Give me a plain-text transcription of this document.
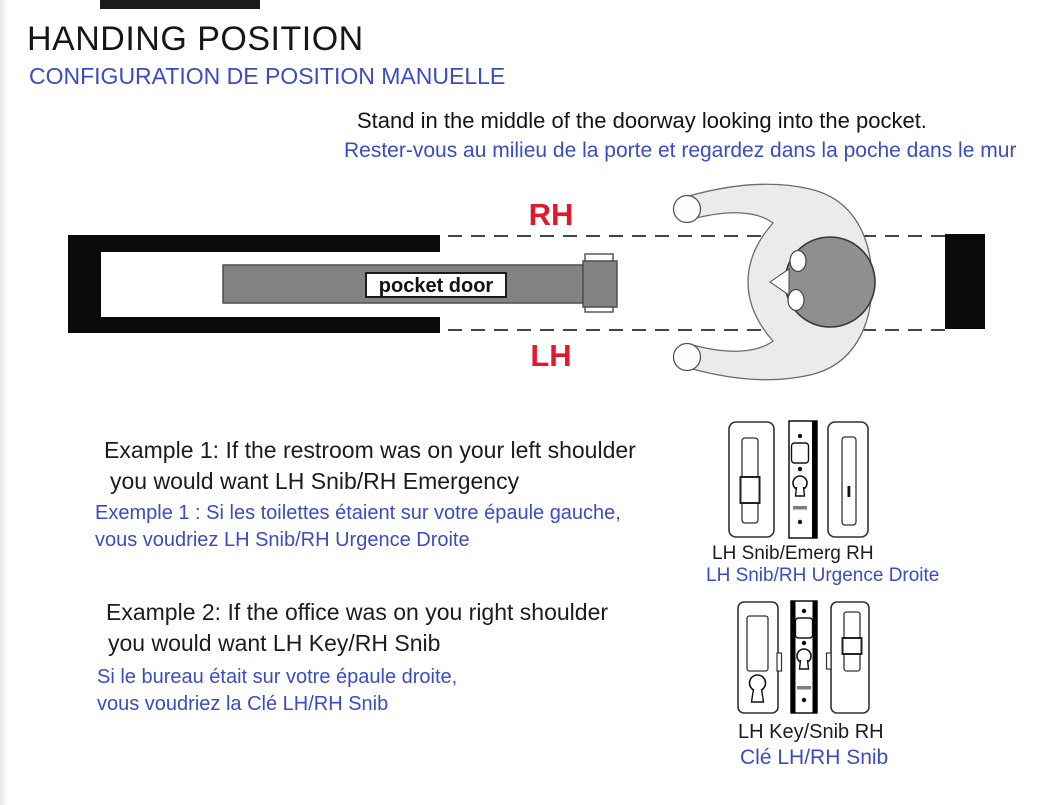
HANDING POSITION
CONFIGURATION DE POSITION MANUELLE
Stand in the middle of the doorway looking into the pocket.
Rester-vous au milieu de la porte et regardez dans la poche dans le mur
RH
LH
pocket door
Example 1: If the restroom was on your left shoulder
you would want LH Snib/RH Emergency
Exemple 1 : Si les toilettes étaient sur votre épaule gauche,
vous voudriez LH Snib/RH Urgence Droite
Example 2: If the office was on you right shoulder
you would want LH Key/RH Snib
Si le bureau était sur votre épaule droite,
vous voudriez la Clé LH/RH Snib
LH Snib/Emerg RH
LH Snib/RH Urgence Droite
LH Key/Snib RH
Clé LH/RH Snib
